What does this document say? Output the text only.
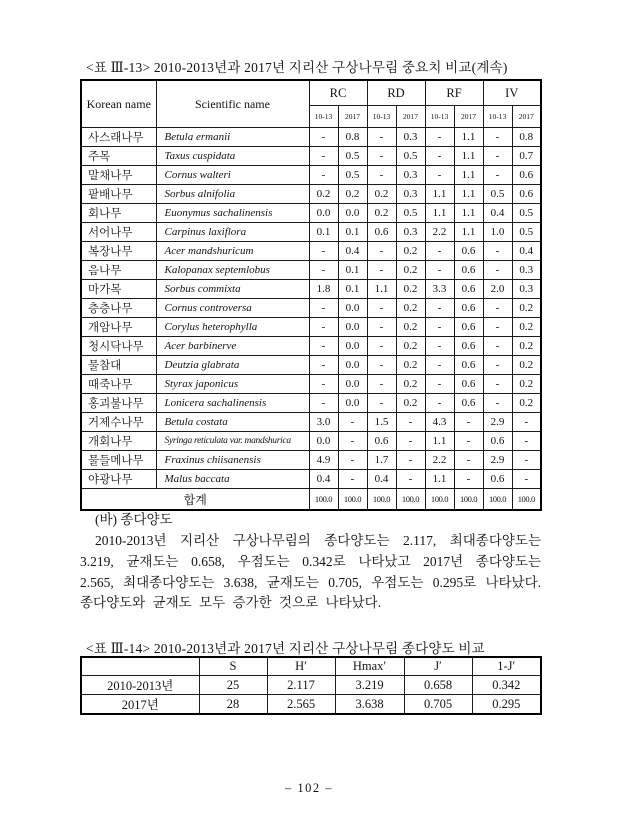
<표 Ⅲ-13> 2010-2013년과 2017년 지리산 구상나무림 중요치 비교(계속)
Korean name	Scientific name	RC		RD		RF		IV	
		10-13	2017	10-13	2017	10-13	2017	10-13	2017
사스래나무	Betula ermanii	-	0.8	-	0.3	-	1.1	-	0.8
주목	Taxus cuspidata	-	0.5	-	0.5	-	1.1	-	0.7
말채나무	Cornus walteri	-	0.5	-	0.3	-	1.1	-	0.6
팥배나무	Sorbus alnifolia	0.2	0.2	0.2	0.3	1.1	1.1	0.5	0.6
회나무	Euonymus sachalinensis	0.0	0.0	0.2	0.5	1.1	1.1	0.4	0.5
서어나무	Carpinus laxiflora	0.1	0.1	0.6	0.3	2.2	1.1	1.0	0.5
복장나무	Acer mandshuricum	-	0.4	-	0.2	-	0.6	-	0.4
음나무	Kalopanax septemlobus	-	0.1	-	0.2	-	0.6	-	0.3
마가목	Sorbus commixta	1.8	0.1	1.1	0.2	3.3	0.6	2.0	0.3
층층나무	Cornus controversa	-	0.0	-	0.2	-	0.6	-	0.2
개암나무	Corylus heterophylla	-	0.0	-	0.2	-	0.6	-	0.2
청시닥나무	Acer barbinerve	-	0.0	-	0.2	-	0.6	-	0.2
물참대	Deutzia glabrata	-	0.0	-	0.2	-	0.6	-	0.2
때죽나무	Styrax japonicus	-	0.0	-	0.2	-	0.6	-	0.2
홍괴불나무	Lonicera sachalinensis	-	0.0	-	0.2	-	0.6	-	0.2
거제수나무	Betula costata	3.0	-	1.5	-	4.3	-	2.9	-
개회나무	Syringa reticulata var. mandshurica	0.0	-	0.6	-	1.1	-	0.6	-
물들메나무	Fraxinus chiisanensis	4.9	-	1.7	-	2.2	-	2.9	-
야광나무	Malus baccata	0.4	-	0.4	-	1.1	-	0.6	-
합계		100.0	100.0	100.0	100.0	100.0	100.0	100.0	100.0

(바) 종다양도

2010-2013년 지리산 구상나무림의 종다양도는 2.117, 최대종다양도는 3.219, 균재도는 0.658, 우점도는 0.342로 나타났고 2017년 종다양도는 2.565, 최대종다양도는 3.638, 균재도는 0.705, 우점도는 0.295로 나타났다. 종다양도와 균재도 모두 증가한 것으로 나타났다.

<표 Ⅲ-14> 2010-2013년과 2017년 지리산 구상나무림 종다양도 비교
	S	H′	Hmax′	J′	1-J′
2010-2013년	25	2.117	3.219	0.658	0.342
2017년	28	2.565	3.638	0.705	0.295
– 102 –
